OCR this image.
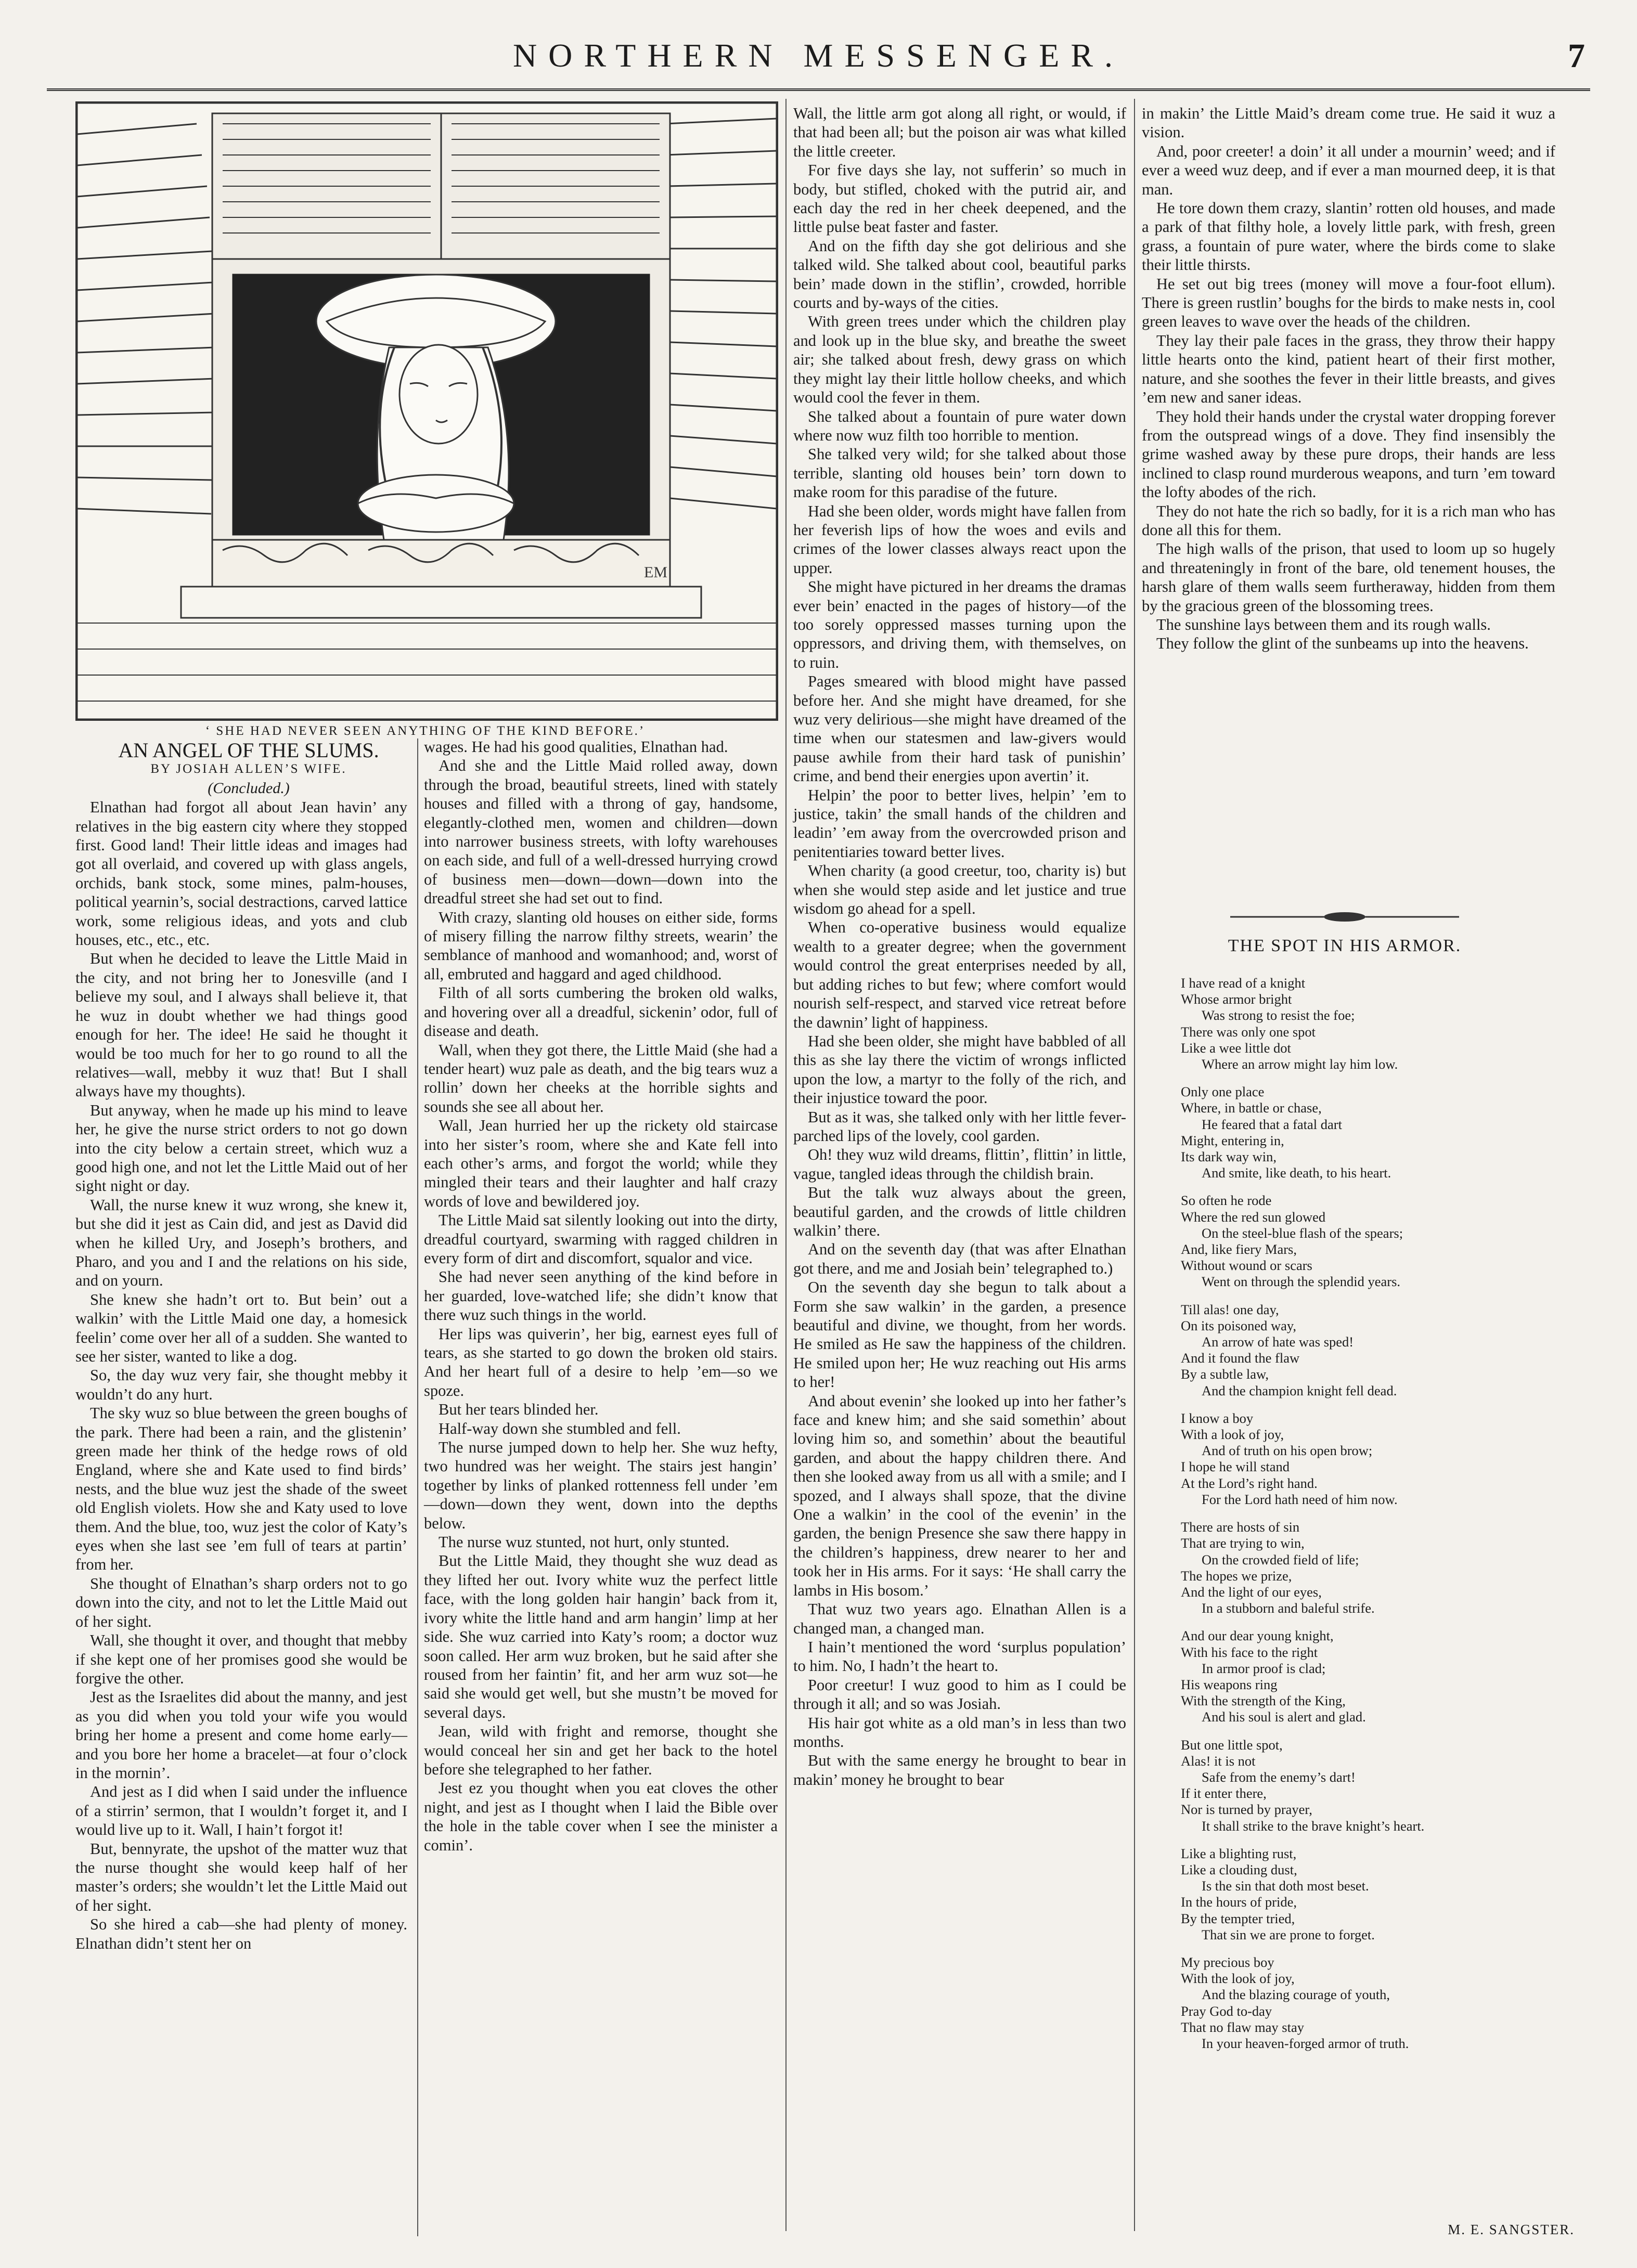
NORTHERN MESSENGER.	7
EM
‘ SHE HAD NEVER SEEN ANYTHING OF THE KIND BEFORE.’

AN ANGEL OF THE SLUMS.

BY JOSIAH ALLEN’S WIFE.

(Concluded.)

Elnathan had forgot all about Jean havin’ any relatives in the big eastern city where they stopped first. Good land! Their little ideas and images had got all overlaid, and covered up with glass angels, orchids, bank stock, some mines, palm-houses, political yearnin’s, social destractions, carved lattice work, some religious ideas, and yots and club houses, etc., etc., etc.

But when he decided to leave the Little Maid in the city, and not bring her to Jonesville (and I believe my soul, and I always shall believe it, that he wuz in doubt whether we had things good enough for her. The idee! He said he thought it would be too much for her to go round to all the relatives—wall, mebby it wuz that! But I shall always have my thoughts).

But anyway, when he made up his mind to leave her, he give the nurse strict orders to not go down into the city below a certain street, which wuz a good high one, and not let the Little Maid out of her sight night or day.

Wall, the nurse knew it wuz wrong, she knew it, but she did it jest as Cain did, and jest as David did when he killed Ury, and Joseph’s brothers, and Pharo, and you and I and the relations on his side, and on yourn.

She knew she hadn’t ort to. But bein’ out a walkin’ with the Little Maid one day, a homesick feelin’ come over her all of a sudden. She wanted to see her sister, wanted to like a dog.

So, the day wuz very fair, she thought mebby it wouldn’t do any hurt.

The sky wuz so blue between the green boughs of the park. There had been a rain, and the glistenin’ green made her think of the hedge rows of old England, where she and Kate used to find birds’ nests, and the blue wuz jest the shade of the sweet old English violets. How she and Katy used to love them. And the blue, too, wuz jest the color of Katy’s eyes when she last see ’em full of tears at partin’ from her.

She thought of Elnathan’s sharp orders not to go down into the city, and not to let the Little Maid out of her sight.

Wall, she thought it over, and thought that mebby if she kept one of her promises good she would be forgive the other.

Jest as the Israelites did about the manny, and jest as you did when you told your wife you would bring her home a present and come home early—and you bore her home a bracelet—at four o’clock in the mornin’.

And jest as I did when I said under the influence of a stirrin’ sermon, that I wouldn’t forget it, and I would live up to it. Wall, I hain’t forgot it!

But, bennyrate, the upshot of the matter wuz that the nurse thought she would keep half of her master’s orders; she wouldn’t let the Little Maid out of her sight.

So she hired a cab—she had plenty of money. Elnathan didn’t stent her on

wages. He had his good qualities, Elnathan had.

And she and the Little Maid rolled away, down through the broad, beautiful streets, lined with stately houses and filled with a throng of gay, handsome, elegantly-clothed men, women and children—down into narrower business streets, with lofty warehouses on each side, and full of a well-dressed hurrying crowd of business men—down—down—down into the dreadful street she had set out to find.

With crazy, slanting old houses on either side, forms of misery filling the narrow filthy streets, wearin’ the semblance of manhood and womanhood; and, worst of all, embruted and haggard and aged childhood.

Filth of all sorts cumbering the broken old walks, and hovering over all a dreadful, sickenin’ odor, full of disease and death.

Wall, when they got there, the Little Maid (she had a tender heart) wuz pale as death, and the big tears wuz a rollin’ down her cheeks at the horrible sights and sounds she see all about her.

Wall, Jean hurried her up the rickety old staircase into her sister’s room, where she and Kate fell into each other’s arms, and forgot the world; while they mingled their tears and their laughter and half crazy words of love and bewildered joy.

The Little Maid sat silently looking out into the dirty, dreadful courtyard, swarming with ragged children in every form of dirt and discomfort, squalor and vice.

She had never seen anything of the kind before in her guarded, love-watched life; she didn’t know that there wuz such things in the world.

Her lips was quiverin’, her big, earnest eyes full of tears, as she started to go down the broken old stairs. And her heart full of a desire to help ’em—so we spoze.

But her tears blinded her.

Half-way down she stumbled and fell.

The nurse jumped down to help her. She wuz hefty, two hundred was her weight. The stairs jest hangin’ together by links of planked rottenness fell under ’em—down—down they went, down into the depths below.

The nurse wuz stunted, not hurt, only stunted.

But the Little Maid, they thought she wuz dead as they lifted her out. Ivory white wuz the perfect little face, with the long golden hair hangin’ back from it, ivory white the little hand and arm hangin’ limp at her side. She wuz carried into Katy’s room; a doctor wuz soon called. Her arm wuz broken, but he said after she roused from her faintin’ fit, and her arm wuz sot—he said she would get well, but she mustn’t be moved for several days.

Jean, wild with fright and remorse, thought she would conceal her sin and get her back to the hotel before she telegraphed to her father.

Jest ez you thought when you eat cloves the other night, and jest as I thought when I laid the Bible over the hole in the table cover when I see the minister a comin’.

Wall, the little arm got along all right, or would, if that had been all; but the poison air was what killed the little creeter.

For five days she lay, not sufferin’ so much in body, but stifled, choked with the putrid air, and each day the red in her cheek deepened, and the little pulse beat faster and faster.

And on the fifth day she got delirious and she talked wild. She talked about cool, beautiful parks bein’ made down in the stiflin’, crowded, horrible courts and by-ways of the cities.

With green trees under which the children play and look up in the blue sky, and breathe the sweet air; she talked about fresh, dewy grass on which they might lay their little hollow cheeks, and which would cool the fever in them.

She talked about a fountain of pure water down where now wuz filth too horrible to mention.

She talked very wild; for she talked about those terrible, slanting old houses bein’ torn down to make room for this paradise of the future.

Had she been older, words might have fallen from her feverish lips of how the woes and evils and crimes of the lower classes always react upon the upper.

She might have pictured in her dreams the dramas ever bein’ enacted in the pages of history—of the too sorely oppressed masses turning upon the oppressors, and driving them, with themselves, on to ruin.

Pages smeared with blood might have passed before her. And she might have dreamed, for she wuz very delirious—she might have dreamed of the time when our statesmen and law-givers would pause awhile from their hard task of punishin’ crime, and bend their energies upon avertin’ it.

Helpin’ the poor to better lives, helpin’ ’em to justice, takin’ the small hands of the children and leadin’ ’em away from the overcrowded prison and penitentiaries toward better lives.

When charity (a good creetur, too, charity is) but when she would step aside and let justice and true wisdom go ahead for a spell.

When co-operative business would equalize wealth to a greater degree; when the government would control the great enterprises needed by all, but adding riches to but few; where comfort would nourish self-respect, and starved vice retreat before the dawnin’ light of happiness.

Had she been older, she might have babbled of all this as she lay there the victim of wrongs inflicted upon the low, a martyr to the folly of the rich, and their injustice toward the poor.

But as it was, she talked only with her little fever-parched lips of the lovely, cool garden.

Oh! they wuz wild dreams, flittin’, flittin’ in little, vague, tangled ideas through the childish brain.

But the talk wuz always about the green, beautiful garden, and the crowds of little children walkin’ there.

And on the seventh day (that was after Elnathan got there, and me and Josiah bein’ telegraphed to.)

On the seventh day she begun to talk about a Form she saw walkin’ in the garden, a presence beautiful and divine, we thought, from her words. He smiled as He saw the happiness of the children. He smiled upon her; He wuz reaching out His arms to her!

And about evenin’ she looked up into her father’s face and knew him; and she said somethin’ about loving him so, and somethin’ about the beautiful garden, and about the happy children there. And then she looked away from us all with a smile; and I spozed, and I always shall spoze, that the divine One a walkin’ in the cool of the evenin’ in the garden, the benign Presence she saw there happy in the children’s happiness, drew nearer to her and took her in His arms. For it says: ‘He shall carry the lambs in His bosom.’

That wuz two years ago. Elnathan Allen is a changed man, a changed man.

I hain’t mentioned the word ‘surplus population’ to him. No, I hadn’t the heart to.

Poor creetur! I wuz good to him as I could be through it all; and so was Josiah.

His hair got white as a old man’s in less than two months.

But with the same energy he brought to bear in makin’ money he brought to bear

in makin’ the Little Maid’s dream come true. He said it wuz a vision.

And, poor creeter! a doin’ it all under a mournin’ weed; and if ever a weed wuz deep, and if ever a man mourned deep, it is that man.

He tore down them crazy, slantin’ rotten old houses, and made a park of that filthy hole, a lovely little park, with fresh, green grass, a fountain of pure water, where the birds come to slake their little thirsts.

He set out big trees (money will move a four-foot ellum). There is green rustlin’ boughs for the birds to make nests in, cool green leaves to wave over the heads of the children.

They lay their pale faces in the grass, they throw their happy little hearts onto the kind, patient heart of their first mother, nature, and she soothes the fever in their little breasts, and gives ’em new and saner ideas.

They hold their hands under the crystal water dropping forever from the outspread wings of a dove. They find insensibly the grime washed away by these pure drops, their hands are less inclined to clasp round murderous weapons, and turn ’em toward the lofty abodes of the rich.

They do not hate the rich so badly, for it is a rich man who has done all this for them.

The high walls of the prison, that used to loom up so hugely and threateningly in front of the bare, old tenement houses, the harsh glare of them walls seem furtheraway, hidden from them by the gracious green of the blossoming trees.

The sunshine lays between them and its rough walls.

They follow the glint of the sunbeams up into the heavens.

THE SPOT IN HIS ARMOR.
I have read of a knight
Whose armor bright
Was strong to resist the foe;
There was only one spot
Like a wee little dot
Where an arrow might lay him low.
Only one place
Where, in battle or chase,
He feared that a fatal dart
Might, entering in,
Its dark way win,
And smite, like death, to his heart.
So often he rode
Where the red sun glowed
On the steel-blue flash of the spears;
And, like fiery Mars,
Without wound or scars
Went on through the splendid years.
Till alas! one day,
On its poisoned way,
An arrow of hate was sped!
And it found the flaw
By a subtle law,
And the champion knight fell dead.
I know a boy
With a look of joy,
And of truth on his open brow;
I hope he will stand
At the Lord’s right hand.
For the Lord hath need of him now.
There are hosts of sin
That are trying to win,
On the crowded field of life;
The hopes we prize,
And the light of our eyes,
In a stubborn and baleful strife.
And our dear young knight,
With his face to the right
In armor proof is clad;
His weapons ring
With the strength of the King,
And his soul is alert and glad.
But one little spot,
Alas! it is not
Safe from the enemy’s dart!
If it enter there,
Nor is turned by prayer,
It shall strike to the brave knight’s heart.
Like a blighting rust,
Like a clouding dust,
Is the sin that doth most beset.
In the hours of pride,
By the tempter tried,
That sin we are prone to forget.
My precious boy
With the look of joy,
And the blazing courage of youth,
Pray God to-day
That no flaw may stay
In your heaven-forged armor of truth.
M. E. SANGSTER.
